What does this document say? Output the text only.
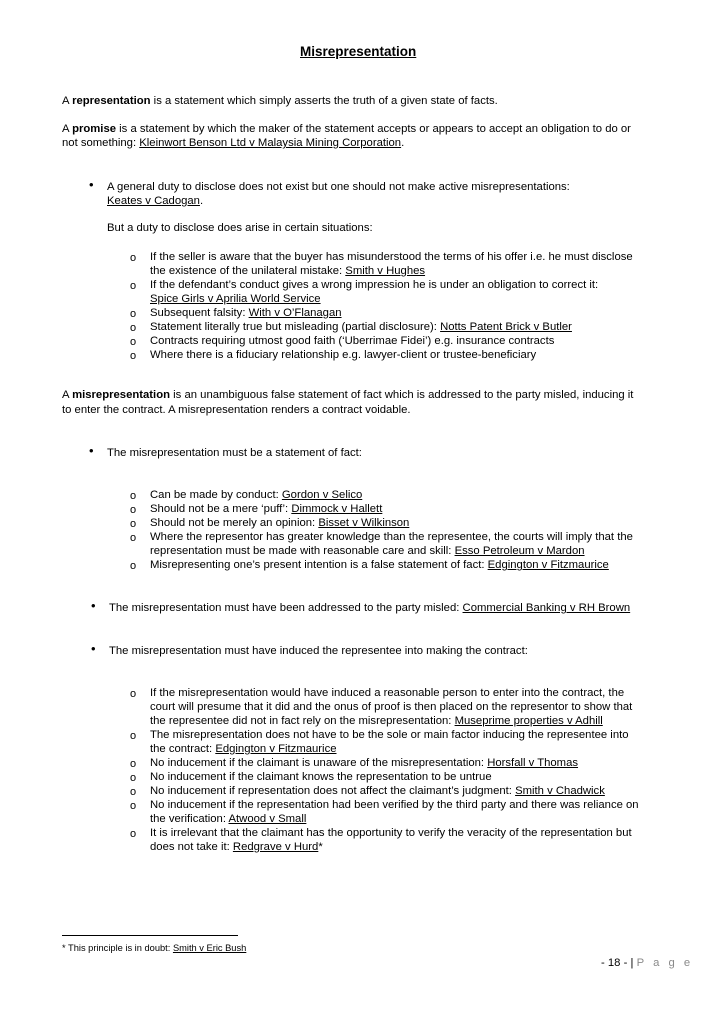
Misrepresentation
A representation is a statement which simply asserts the truth of a given state of facts.
A promise is a statement by which the maker of the statement accepts or appears to accept an obligation to do or
not something: Kleinwort Benson Ltd v Malaysia Mining Corporation.
• A general duty to disclose does not exist but one should not make active misrepresentations:
Keates v Cadogan.
But a duty to disclose does arise in certain situations:
o If the seller is aware that the buyer has misunderstood the terms of his offer i.e. he must disclose
the existence of the unilateral mistake: Smith v Hughes
o If the defendant’s conduct gives a wrong impression he is under an obligation to correct it:
Spice Girls v Aprilia World Service
o Subsequent falsity: With v O’Flanagan
o Statement literally true but misleading (partial disclosure): Notts Patent Brick v Butler
o Contracts requiring utmost good faith (‘Uberrimae Fidei’) e.g. insurance contracts
o Where there is a fiduciary relationship e.g. lawyer-client or trustee-beneficiary
A misrepresentation is an unambiguous false statement of fact which is addressed to the party misled, inducing it
to enter the contract. A misrepresentation renders a contract voidable.
• The misrepresentation must be a statement of fact:
o Can be made by conduct: Gordon v Selico
o Should not be a mere ‘puff’: Dimmock v Hallett
o Should not be merely an opinion: Bisset v Wilkinson
o Where the representor has greater knowledge than the representee, the courts will imply that the
representation must be made with reasonable care and skill: Esso Petroleum v Mardon
o Misrepresenting one’s present intention is a false statement of fact: Edgington v Fitzmaurice
• The misrepresentation must have been addressed to the party misled: Commercial Banking v RH Brown
• The misrepresentation must have induced the representee into making the contract:
o If the misrepresentation would have induced a reasonable person to enter into the contract, the
court will presume that it did and the onus of proof is then placed on the representor to show that
the representee did not in fact rely on the misrepresentation: Museprime properties v Adhill
o The misrepresentation does not have to be the sole or main factor inducing the representee into
the contract: Edgington v Fitzmaurice
o No inducement if the claimant is unaware of the misrepresentation: Horsfall v Thomas
o No inducement if the claimant knows the representation to be untrue
o No inducement if representation does not affect the claimant’s judgment: Smith v Chadwick
o No inducement if the representation had been verified by the third party and there was reliance on
the verification: Atwood v Small
o It is irrelevant that the claimant has the opportunity to verify the veracity of the representation but
does not take it: Redgrave v Hurd*
* This principle is in doubt: Smith v Eric Bush
- 18 - | P a g e
